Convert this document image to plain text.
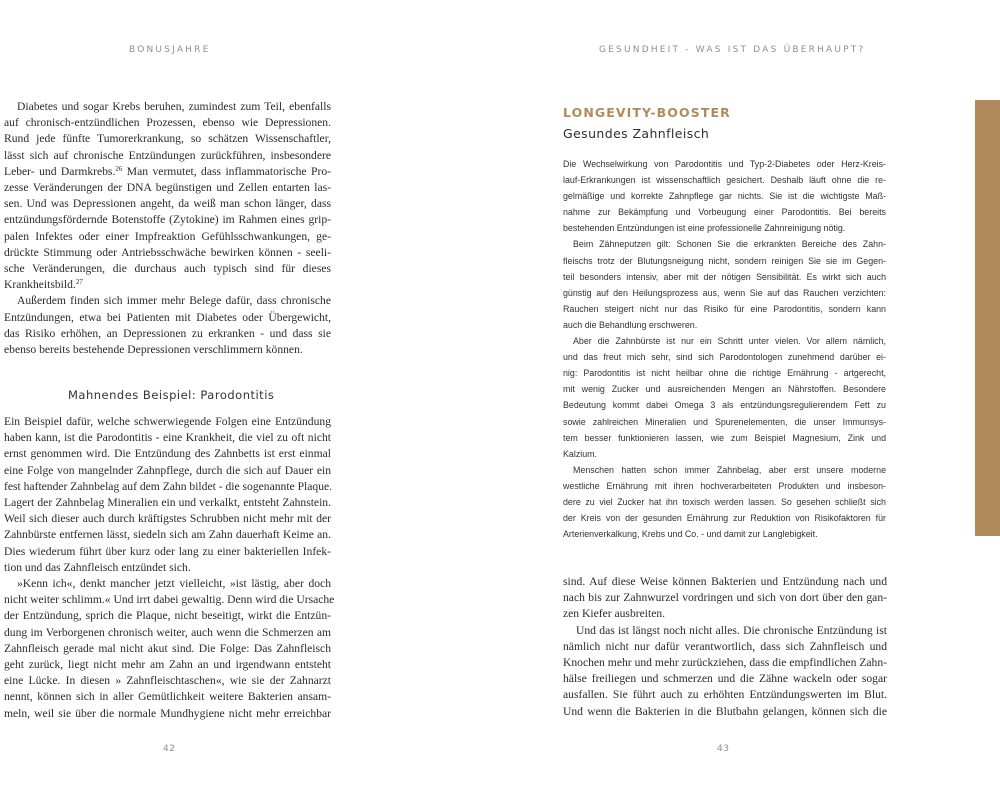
BONUSJAHRE
Diabetes und sogar Krebs beruhen, zumindest zum Teil, ebenfalls
auf chronisch-entzündlichen Prozessen, ebenso wie Depressionen.
Rund jede fünfte Tumorerkrankung, so schätzen Wissenschaftler,
lässt sich auf chronische Entzündungen zurückführen, insbesondere
Leber- und Darmkrebs.$^{26}$ Man vermutet, dass inflammatorische Pro-
zesse Veränderungen der DNA begünstigen und Zellen entarten las-
sen. Und was Depressionen angeht, da weiß man schon länger, dass
entzündungsfördernde Botenstoffe (Zytokine) im Rahmen eines grip-
palen Infektes oder einer Impfreaktion Gefühlsschwankungen, ge-
drückte Stimmung oder Antriebsschwäche bewirken können - seeli-
sche Veränderungen, die durchaus auch typisch sind für dieses
Krankheitsbild.$^{27}$
Außerdem finden sich immer mehr Belege dafür, dass chronische
Entzündungen, etwa bei Patienten mit Diabetes oder Übergewicht,
das Risiko erhöhen, an Depressionen zu erkranken - und dass sie
ebenso bereits bestehende Depressionen verschlimmern können.
Mahnendes Beispiel: Parodontitis
Ein Beispiel dafür, welche schwerwiegende Folgen eine Entzündung
haben kann, ist die Parodontitis - eine Krankheit, die viel zu oft nicht
ernst genommen wird. Die Entzündung des Zahnbetts ist erst einmal
eine Folge von mangelnder Zahnpflege, durch die sich auf Dauer ein
fest haftender Zahnbelag auf dem Zahn bildet - die sogenannte Plaque.
Lagert der Zahnbelag Mineralien ein und verkalkt, entsteht Zahnstein.
Weil sich dieser auch durch kräftigstes Schrubben nicht mehr mit der
Zahnbürste entfernen lässt, siedeln sich am Zahn dauerhaft Keime an.
Dies wiederum führt über kurz oder lang zu einer bakteriellen Infek-
tion und das Zahnfleisch entzündet sich.
»Kenn ich«, denkt mancher jetzt vielleicht, »ist lästig, aber doch
nicht weiter schlimm.« Und irrt dabei gewaltig. Denn wird die Ursache
der Entzündung, sprich die Plaque, nicht beseitigt, wirkt die Entzün-
dung im Verborgenen chronisch weiter, auch wenn die Schmerzen am
Zahnfleisch gerade mal nicht akut sind. Die Folge: Das Zahnfleisch
geht zurück, liegt nicht mehr am Zahn an und irgendwann entsteht
eine Lücke. In diesen » Zahnfleischtaschen«, wie sie der Zahnarzt
nennt, können sich in aller Gemütlichkeit weitere Bakterien ansam-
meln, weil sie über die normale Mundhygiene nicht mehr erreichbar
42
GESUNDHEIT - WAS IST DAS ÜBERHAUPT?
LONGEVITY-BOOSTER
Gesundes Zahnfleisch
Die Wechselwirkung von Parodontitis und Typ-2-Diabetes oder Herz-Kreis-
lauf-Erkrankungen ist wissenschaftlich gesichert. Deshalb läuft ohne die re-
gelmäßige und korrekte Zahnpflege gar nichts. Sie ist die wichtigste Maß-
nahme zur Bekämpfung und Vorbeugung einer Parodontitis. Bei bereits
bestehenden Entzündungen ist eine professionelle Zahnreinigung nötig.
Beim Zähneputzen gilt: Schonen Sie die erkrankten Bereiche des Zahn-
fleischs trotz der Blutungsneigung nicht, sondern reinigen Sie sie im Gegen-
teil besonders intensiv, aber mit der nötigen Sensibilität. Es wirkt sich auch
günstig auf den Heilungsprozess aus, wenn Sie auf das Rauchen verzichten:
Rauchen steigert nicht nur das Risiko für eine Parodontitis, sondern kann
auch die Behandlung erschweren.
Aber die Zahnbürste ist nur ein Schritt unter vielen. Vor allem nämlich,
und das freut mich sehr, sind sich Parodontologen zunehmend darüber ei-
nig: Parodontitis ist nicht heilbar ohne die richtige Ernährung - artgerecht,
mit wenig Zucker und ausreichenden Mengen an Nährstoffen. Besondere
Bedeutung kommt dabei Omega 3 als entzündungsregulierendem Fett zu
sowie zahlreichen Mineralien und Spurenelementen, die unser Immunsys-
tem besser funktionieren lassen, wie zum Beispiel Magnesium, Zink und
Kalzium.
Menschen hatten schon immer Zahnbelag, aber erst unsere moderne
westliche Ernährung mit ihren hochverarbeiteten Produkten und insbeson-
dere zu viel Zucker hat ihn toxisch werden lassen. So gesehen schließt sich
der Kreis von der gesunden Ernährung zur Reduktion von Risikofaktoren für
Arterienverkalkung, Krebs und Co. - und damit zur Langlebigkeit.
sind. Auf diese Weise können Bakterien und Entzündung nach und
nach bis zur Zahnwurzel vordringen und sich von dort über den gan-
zen Kiefer ausbreiten.
Und das ist längst noch nicht alles. Die chronische Entzündung ist
nämlich nicht nur dafür verantwortlich, dass sich Zahnfleisch und
Knochen mehr und mehr zurückziehen, dass die empfindlichen Zahn-
hälse freiliegen und schmerzen und die Zähne wackeln oder sogar
ausfallen. Sie führt auch zu erhöhten Entzündungswerten im Blut.
Und wenn die Bakterien in die Blutbahn gelangen, können sich die
43
